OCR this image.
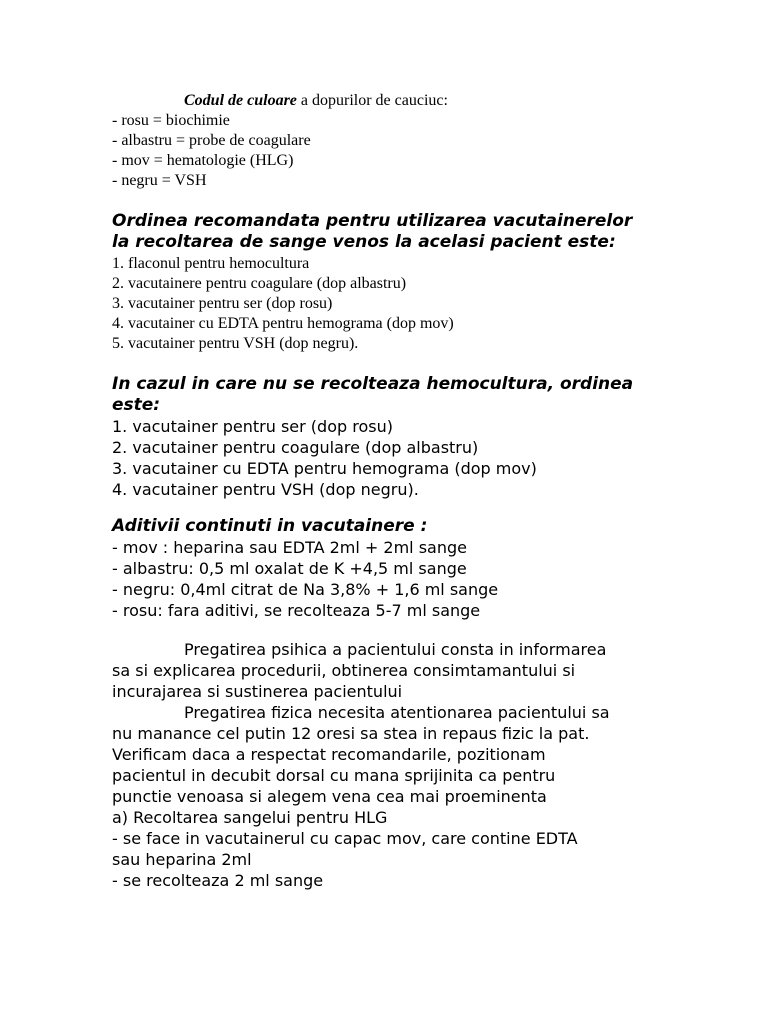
Codul de culoare a dopurilor de cauciuc:
- rosu = biochimie
- albastru = probe de coagulare
- mov = hematologie (HLG)
- negru = VSH
Ordinea recomandata pentru utilizarea vacutainerelor
la recoltarea de sange venos la acelasi pacient este:
1. flaconul pentru hemocultura
2. vacutainere pentru coagulare (dop albastru)
3. vacutainer pentru ser (dop rosu)
4. vacutainer cu EDTA pentru hemograma (dop mov)
5. vacutainer pentru VSH (dop negru).
In cazul in care nu se recolteaza hemocultura, ordinea
este:
1. vacutainer pentru ser (dop rosu)
2. vacutainer pentru coagulare (dop albastru)
3. vacutainer cu EDTA pentru hemograma (dop mov)
4. vacutainer pentru VSH (dop negru).
Aditivii continuti in vacutainere :
- mov : heparina sau EDTA 2ml + 2ml sange
- albastru: 0,5 ml oxalat de K +4,5 ml sange
- negru: 0,4ml citrat de Na 3,8% + 1,6 ml sange
- rosu: fara aditivi, se recolteaza 5-7 ml sange
Pregatirea psihica a pacientului consta in informarea
sa si explicarea procedurii, obtinerea consimtamantului si
incurajarea si sustinerea pacientului
Pregatirea fizica necesita atentionarea pacientului sa
nu manance cel putin 12 oresi sa stea in repaus fizic la pat.
Verificam daca a respectat recomandarile, pozitionam
pacientul in decubit dorsal cu mana sprijinita ca pentru
punctie venoasa si alegem vena cea mai proeminenta
a) Recoltarea sangelui pentru HLG
- se face in vacutainerul cu capac mov, care contine EDTA
sau heparina 2ml
- se recolteaza 2 ml sange
